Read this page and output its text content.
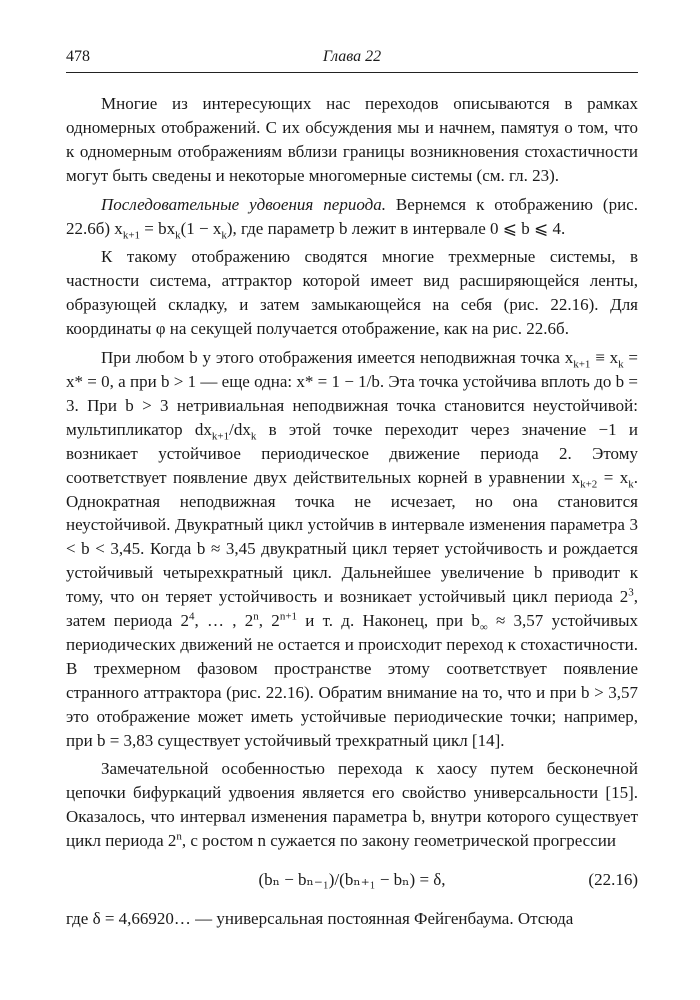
478	Глава 22

Многие из интересующих нас переходов описываются в рамках одномерных отображений. С их обсуждения мы и начнем, памятуя о том, что к одномерным отображениям вблизи границы возникновения стохастичности могут быть сведены и некоторые многомерные системы (см. гл. 23).

Последовательные удвоения периода. Вернемся к отображению (рис. 22.6б) $x_{k+1} = bx_k(1 - x_k)$, где параметр b лежит в интервале 0 ⩽ b ⩽ 4.

К такому отображению сводятся многие трехмерные системы, в частности система, аттрактор которой имеет вид расширяющейся ленты, образующей складку, и затем замыкающейся на себя (рис. 22.16). Для координаты φ на секущей получается отображение, как на рис. 22.6б.

При любом b у этого отображения имеется неподвижная точка $x_{k+1} \equiv x_k = x* = 0$, а при b > 1 — еще одна: x* = 1 − 1/b. Эта точка устойчива вплоть до b = 3. При b > 3 нетривиальная неподвижная точка становится неустойчивой: мультипликатор $dx_{k+1}/dx_k$ в этой точке переходит через значение −1 и возникает устойчивое периодическое движение периода 2. Этому соответствует появление двух действительных корней в уравнении $x_{k+2} = x_k$. Однократная неподвижная точка не исчезает, но она становится неустойчивой. Двукратный цикл устойчив в интервале изменения параметра 3 < b < 3,45. Когда b ≈ 3,45 двукратный цикл теряет устойчивость и рождается устойчивый четырехкратный цикл. Дальнейшее увеличение b приводит к тому, что он теряет устойчивость и возникает устойчивый цикл периода $2^3$, затем периода $2^4$, … , 2$^n$, $2^{n+1}$ и т. д. Наконец, при $b_\infty \approx 3,57$ устойчивых периодических движений не остается и происходит переход к стохастичности. В трехмерном фазовом пространстве этому соответствует появление странного аттрактора (рис. 22.16). Обратим внимание на то, что и при b > 3,57 это отображение может иметь устойчивые периодические точки; например, при b = 3,83 существует устойчивый трехкратный цикл [14].

Замечательной особенностью перехода к хаосу путем бесконечной цепочки бифуркаций удвоения является его свойство универсальности [15]. Оказалось, что интервал изменения параметра b, внутри которого существует цикл периода 2$^n$, с ростом n сужается по закону геометрической прогрессии

(bₙ − bₙ₋₁)/(bₙ₊₁ − bₙ) = δ,	(22.16)

где δ = 4,66920… — универсальная постоянная Фейгенбаума. Отсюда
